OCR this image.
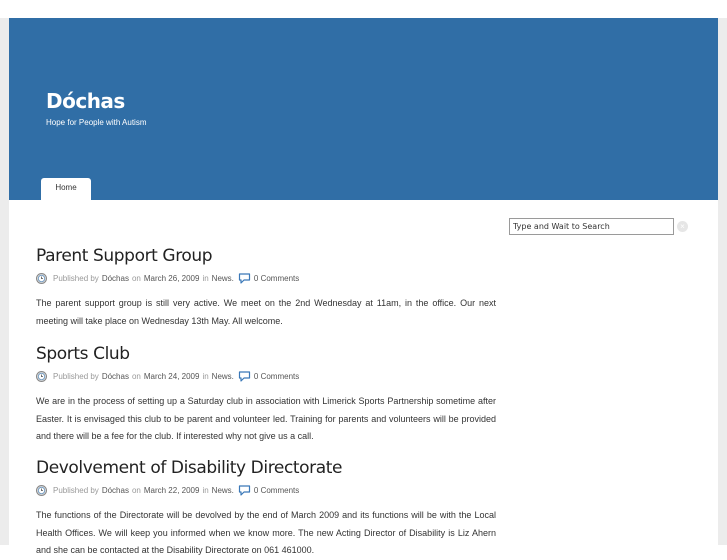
Dóchas
Hope for People with Autism
Home
Type and Wait to Search
×
Parent Support Group
Published by Dóchas on March 26, 2009 in News.	0 Comments

The parent support group is still very active. We meet on the 2nd Wednesday at 11am, in the office. Our next meeting will take place on Wednesday 13th May. All welcome.

Sports Club
Published by Dóchas on March 24, 2009 in News.	0 Comments

We are in the process of setting up a Saturday club in association with Limerick Sports Partnership sometime after Easter. It is envisaged this club to be parent and volunteer led. Training for parents and volunteers will be provided and there will be a fee for the club. If interested why not give us a call.

Devolvement of Disability Directorate
Published by Dóchas on March 22, 2009 in News.	0 Comments

The functions of the Directorate will be devolved by the end of March 2009 and its functions will be with the Local Health Offices. We will keep you informed when we know more. The new Acting Director of Disability is Liz Ahern and she can be contacted at the Disability Directorate on 061 461000.
